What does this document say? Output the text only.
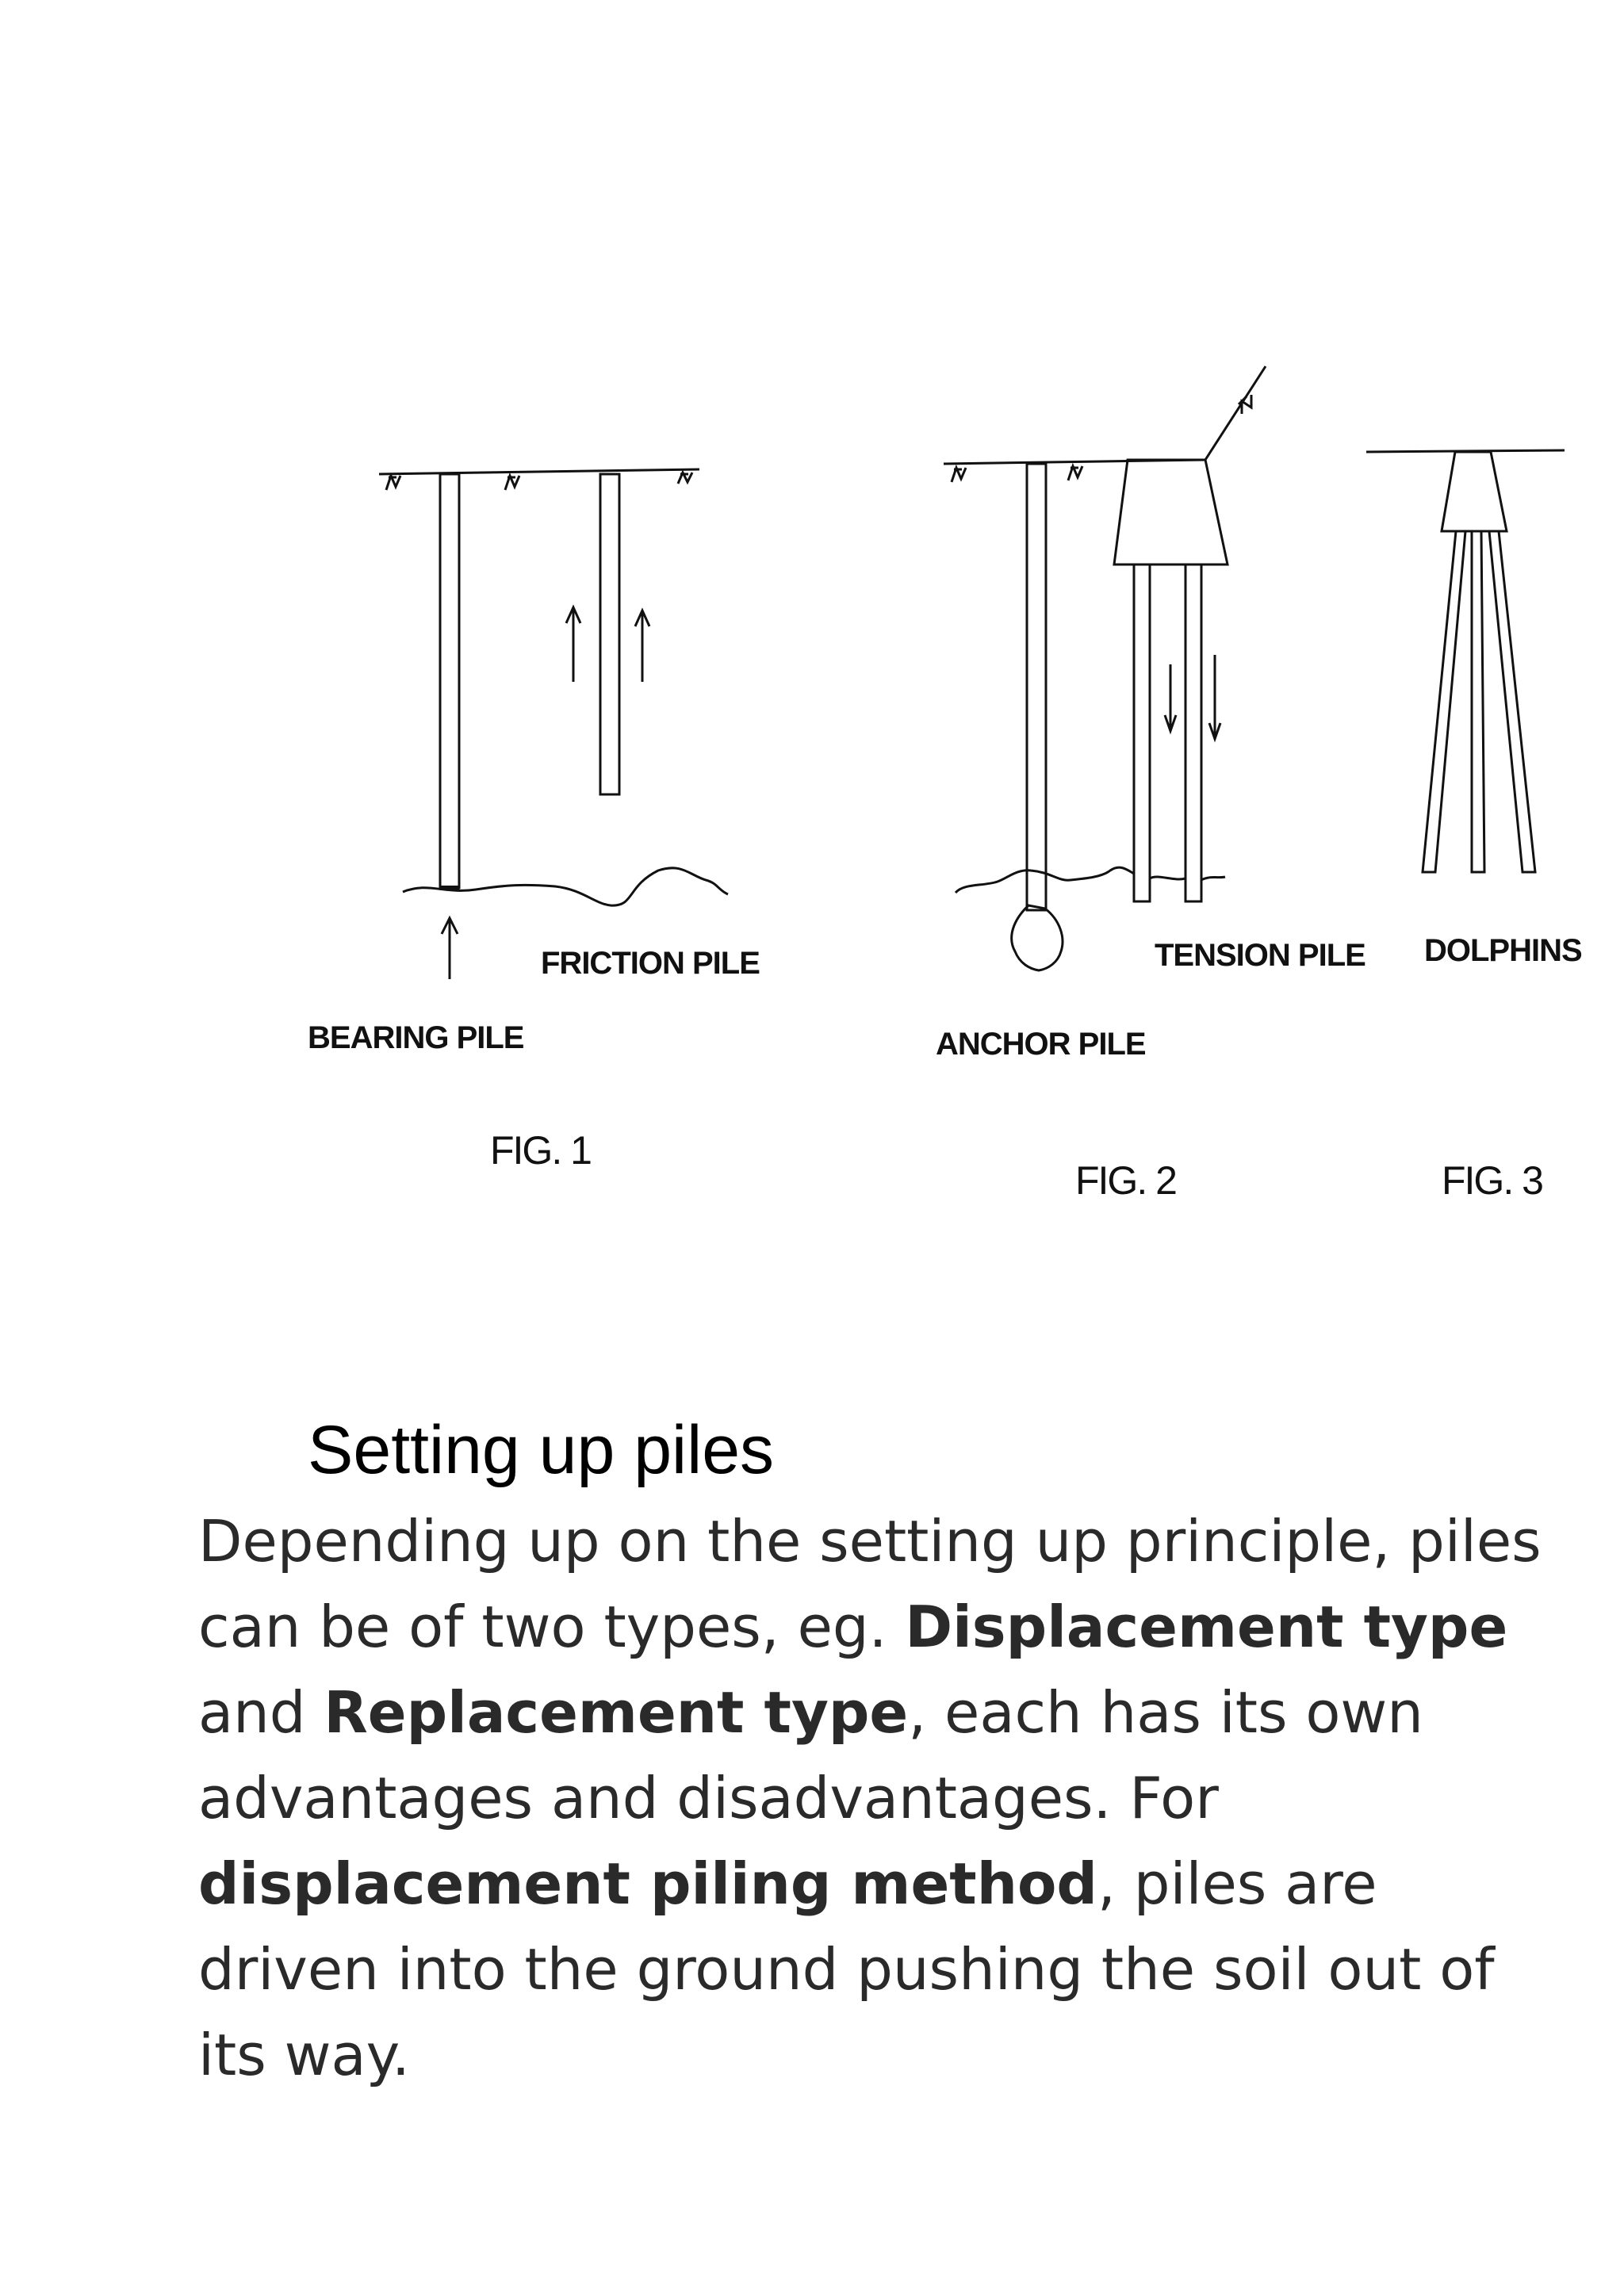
BEARING PILE
FRICTION PILE
ANCHOR PILE
TENSION PILE DOLPHINS
FIG. 1
FIG. 2	FIG. 3
Setting up piles

Depending up on the setting up principle, piles can be of two types, eg. Displacement type and Replacement type, each has its own advantages and disadvantages. For displacement piling method, piles are driven into the ground pushing the soil out of its way.
